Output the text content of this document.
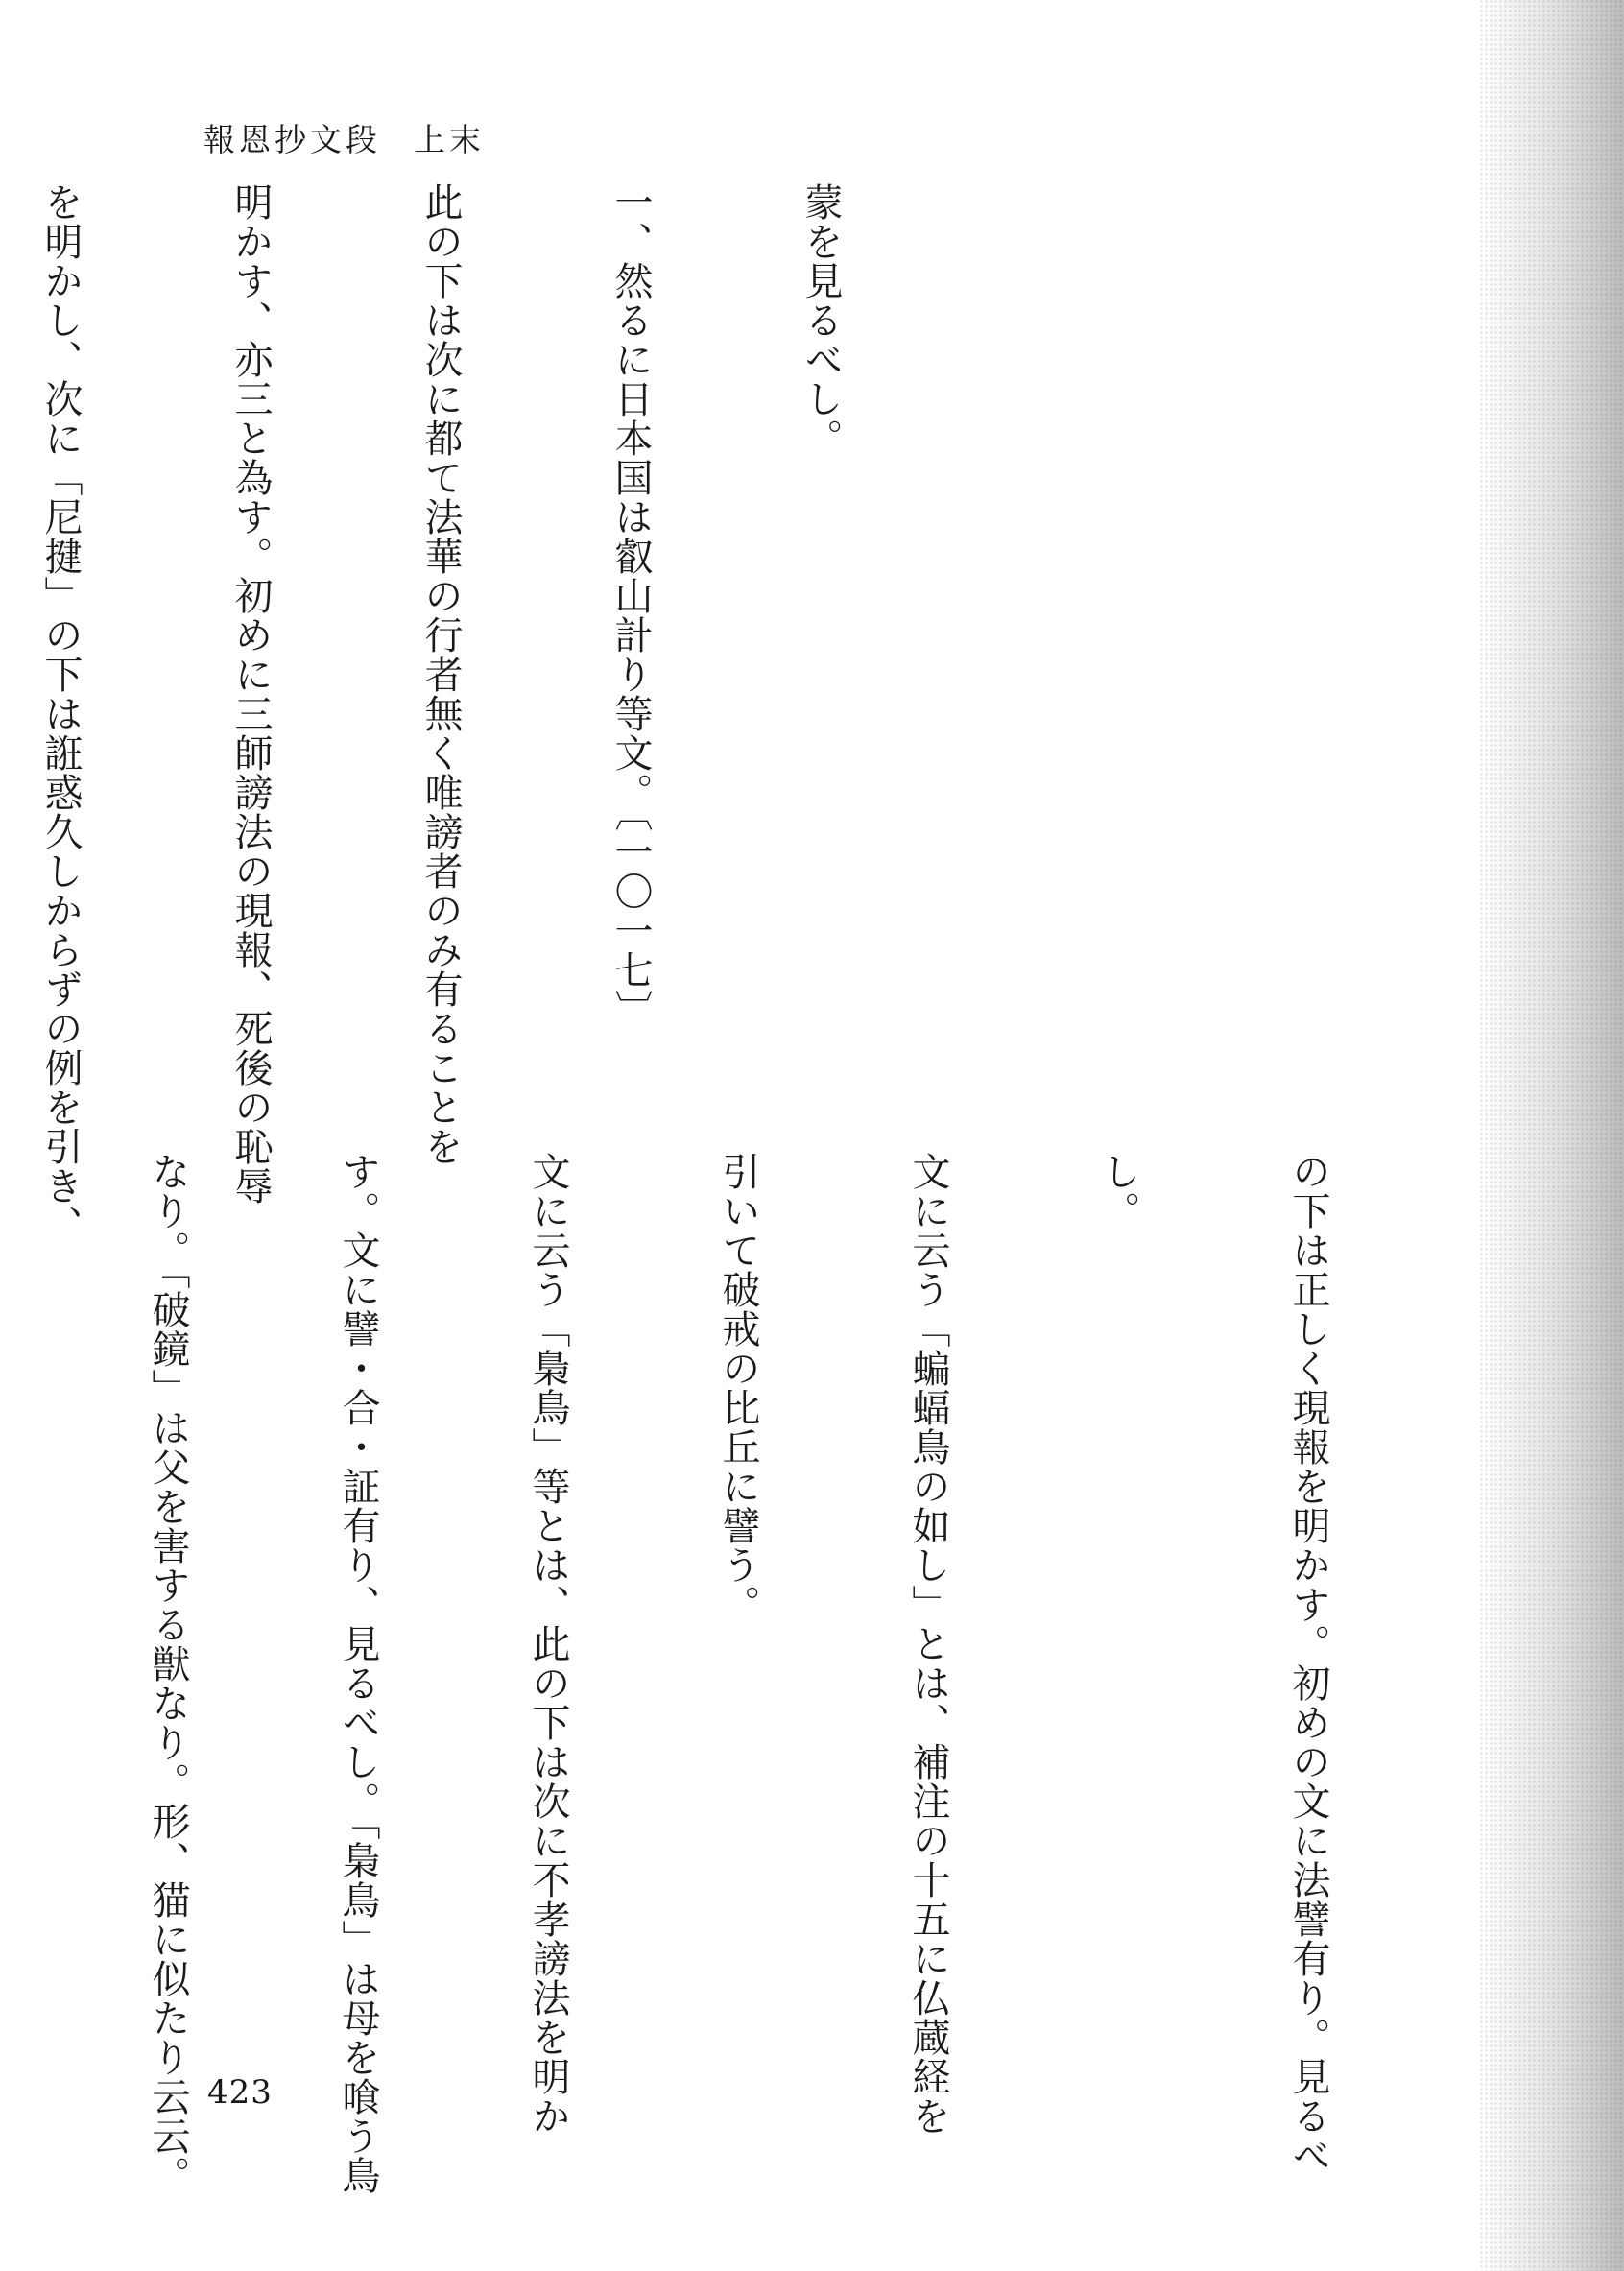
報恩抄文段 上末

蒙を見るべし。

一、然るに日本国は叡山計り等文。〔一〇一七〕

此の下は次に都て法華の行者無く唯謗者のみ有ることを

明かす、亦三と為す。初めに三師謗法の現報、死後の恥辱

を明かし、次に「尼揵」の下は誑惑久しからずの例を引き、

の下は正しく現報を明かす。初めの文に法譬有り。見るべ

し。

文に云う「蝙蝠鳥の如し」とは、補注の十五に仏蔵経を

引いて破戒の比丘に譬う。

文に云う「梟鳥」等とは、此の下は次に不孝謗法を明か

す。文に譬・合・証有り、見るべし。「梟鳥」は母を喰う鳥

なり。「破鏡」は父を害する獣なり。形、猫に似たり云云。

423
